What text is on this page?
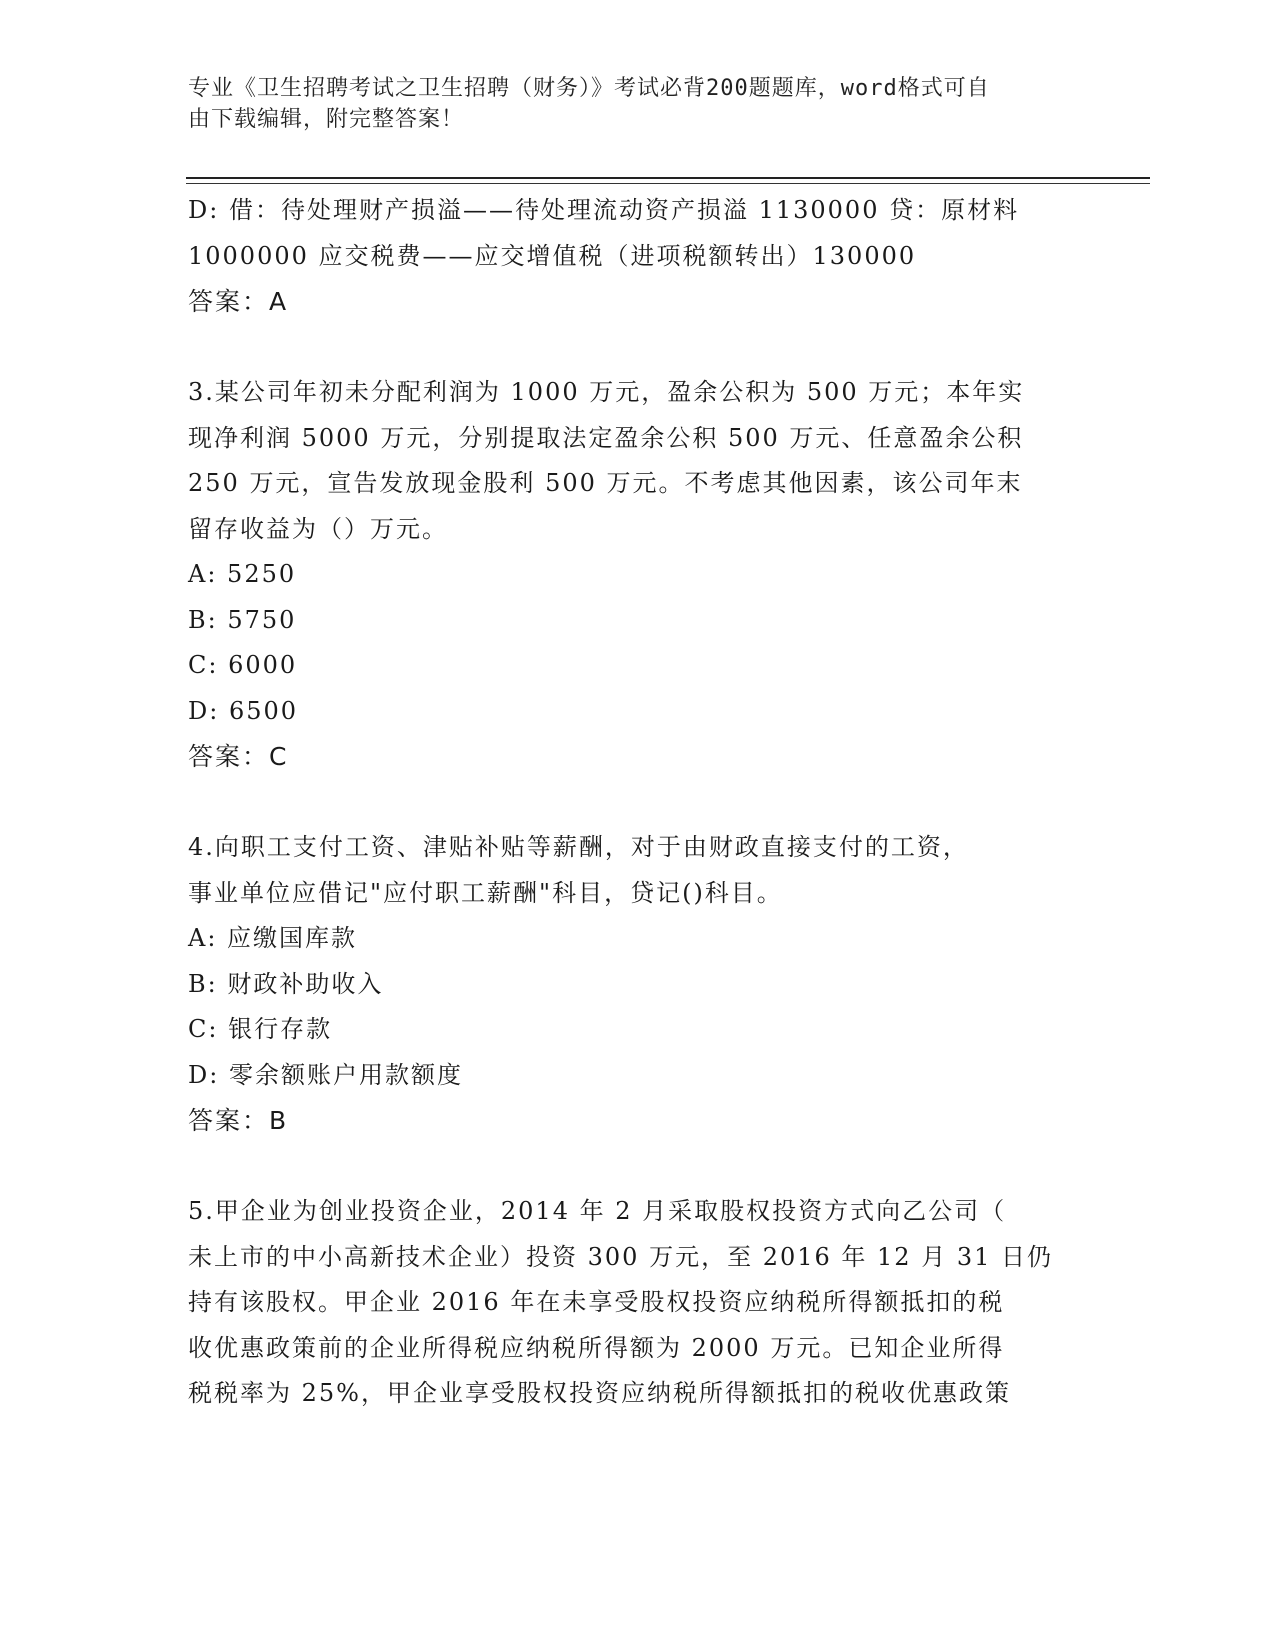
专业《卫生招聘考试之卫生招聘（财务）》考试必背200题题库，word格式可自
由下载编辑，附完整答案！
D: 借：待处理财产损溢——待处理流动资产损溢 1130000 贷：原材料
1000000 应交税费——应交增值税（进项税额转出）130000
答案：A
3.某公司年初未分配利润为 1000 万元，盈余公积为 500 万元；本年实
现净利润 5000 万元，分别提取法定盈余公积 500 万元、任意盈余公积
250 万元，宣告发放现金股利 500 万元。不考虑其他因素，该公司年末
留存收益为（）万元。
A: 5250
B: 5750
C: 6000
D: 6500
答案：C
4.向职工支付工资、津贴补贴等薪酬，对于由财政直接支付的工资，
事业单位应借记"应付职工薪酬"科目，贷记()科目。
A: 应缴国库款
B: 财政补助收入
C: 银行存款
D: 零余额账户用款额度
答案：B
5.甲企业为创业投资企业，2014 年 2 月采取股权投资方式向乙公司（
未上市的中小高新技术企业）投资 300 万元，至 2016 年 12 月 31 日仍
持有该股权。甲企业 2016 年在未享受股权投资应纳税所得额抵扣的税
收优惠政策前的企业所得税应纳税所得额为 2000 万元。已知企业所得
税税率为 25%，甲企业享受股权投资应纳税所得额抵扣的税收优惠政策
